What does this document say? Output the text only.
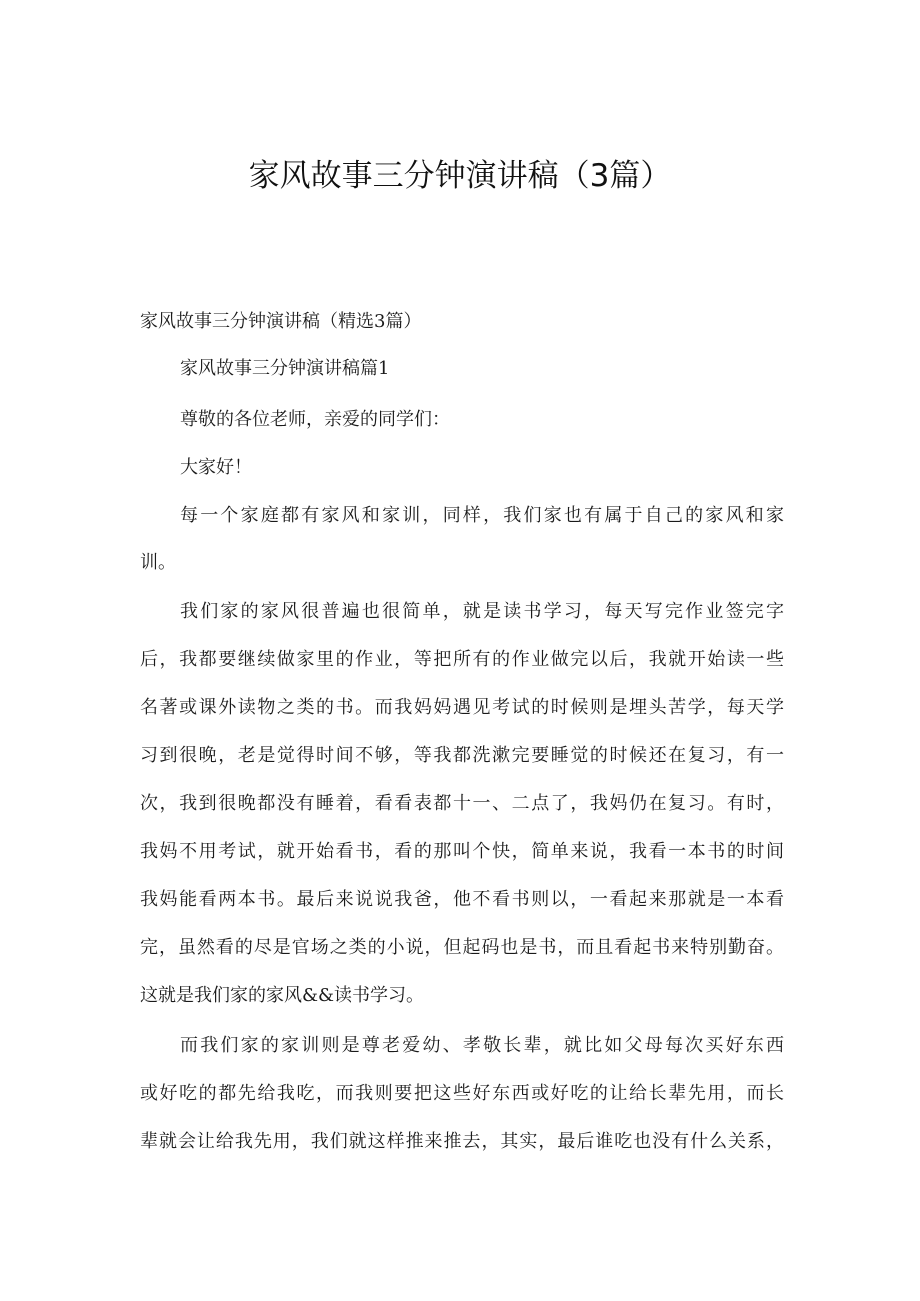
家风故事三分钟演讲稿（3篇）

家风故事三分钟演讲稿（精选3篇）

家风故事三分钟演讲稿篇1

尊敬的各位老师，亲爱的同学们：

大家好！

每一个家庭都有家风和家训，同样，我们家也有属于自己的家风和家

训。

我们家的家风很普遍也很简单，就是读书学习，每天写完作业签完字

后，我都要继续做家里的作业，等把所有的作业做完以后，我就开始读一些

名著或课外读物之类的书。而我妈妈遇见考试的时候则是埋头苦学，每天学

习到很晚，老是觉得时间不够，等我都洗漱完要睡觉的时候还在复习，有一

次，我到很晚都没有睡着，看看表都十一、二点了，我妈仍在复习。有时，

我妈不用考试，就开始看书，看的那叫个快，简单来说，我看一本书的时间

我妈能看两本书。最后来说说我爸，他不看书则以，一看起来那就是一本看

完，虽然看的尽是官场之类的小说，但起码也是书，而且看起书来特别勤奋。

这就是我们家的家风&&读书学习。

而我们家的家训则是尊老爱幼、孝敬长辈，就比如父母每次买好东西

或好吃的都先给我吃，而我则要把这些好东西或好吃的让给长辈先用，而长

辈就会让给我先用，我们就这样推来推去，其实，最后谁吃也没有什么关系，
